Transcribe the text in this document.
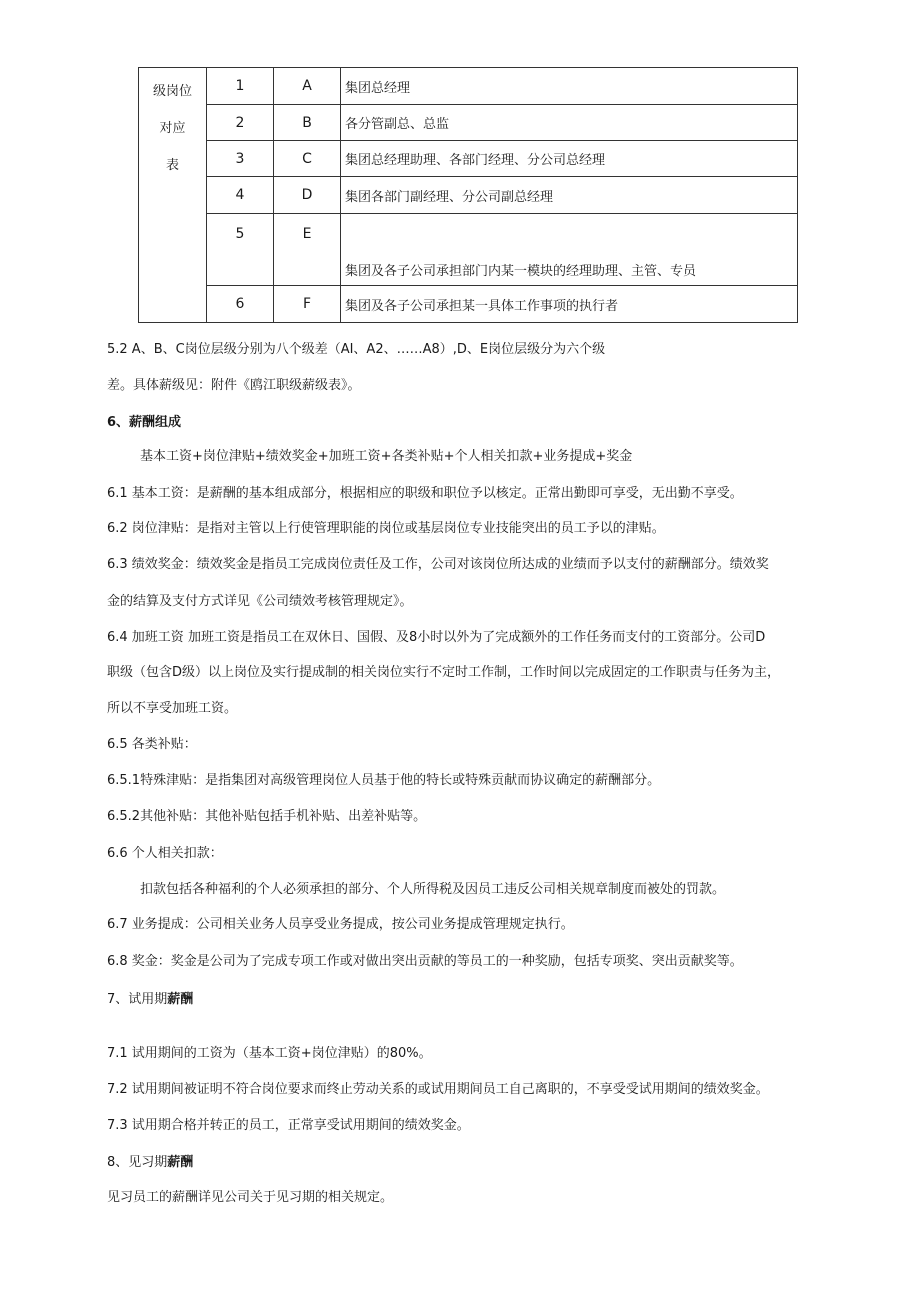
级岗位
对应
表	1	A	集团总经理
	2	B	各分管副总、总监
	3	C	集团总经理助理、各部门经理、分公司总经理
	4	D	集团各部门副经理、分公司副总经理

	5	E	集团及各子公司承担部门内某一模块的经理助理、主管、专员

	6	F	集团及各子公司承担某一具体工作事项的执行者
5.2 A、B、C岗位层级分别为八个级差（AI、A2、……A8）,D、E岗位层级分为六个级
差。具体薪级见：附件《鸥江职级薪级表》。
6、薪酬组成
基本工资+岗位津贴+绩效奖金+加班工资+各类补贴+个人相关扣款+业务提成+奖金
6.1 基本工资：是薪酬的基本组成部分，根据相应的职级和职位予以核定。正常出勤即可享受，无出勤不享受。
6.2 岗位津贴：是指对主管以上行使管理职能的岗位或基层岗位专业技能突出的员工予以的津贴。
6.3 绩效奖金：绩效奖金是指员工完成岗位责任及工作，公司对该岗位所达成的业绩而予以支付的薪酬部分。绩效奖
金的结算及支付方式详见《公司绩效考核管理规定》。
6.4 加班工资 加班工资是指员工在双休日、国假、及8小时以外为了完成额外的工作任务而支付的工资部分。公司D
职级（包含D级）以上岗位及实行提成制的相关岗位实行不定时工作制，工作时间以完成固定的工作职责与任务为主，
所以不享受加班工资。
6.5 各类补贴：
6.5.1特殊津贴：是指集团对高级管理岗位人员基于他的特长或特殊贡献而协议确定的薪酬部分。
6.5.2其他补贴：其他补贴包括手机补贴、出差补贴等。
6.6 个人相关扣款：
扣款包括各种福利的个人必须承担的部分、个人所得税及因员工违反公司相关规章制度而被处的罚款。
6.7 业务提成：公司相关业务人员享受业务提成，按公司业务提成管理规定执行。
6.8 奖金：奖金是公司为了完成专项工作或对做出突出贡献的等员工的一种奖励，包括专项奖、突出贡献奖等。
7、试用期薪酬
7.1 试用期间的工资为（基本工资+岗位津贴）的80%。
7.2 试用期间被证明不符合岗位要求而终止劳动关系的或试用期间员工自己离职的，不享受受试用期间的绩效奖金。
7.3 试用期合格并转正的员工，正常享受试用期间的绩效奖金。
8、见习期薪酬
见习员工的薪酬详见公司关于见习期的相关规定。
